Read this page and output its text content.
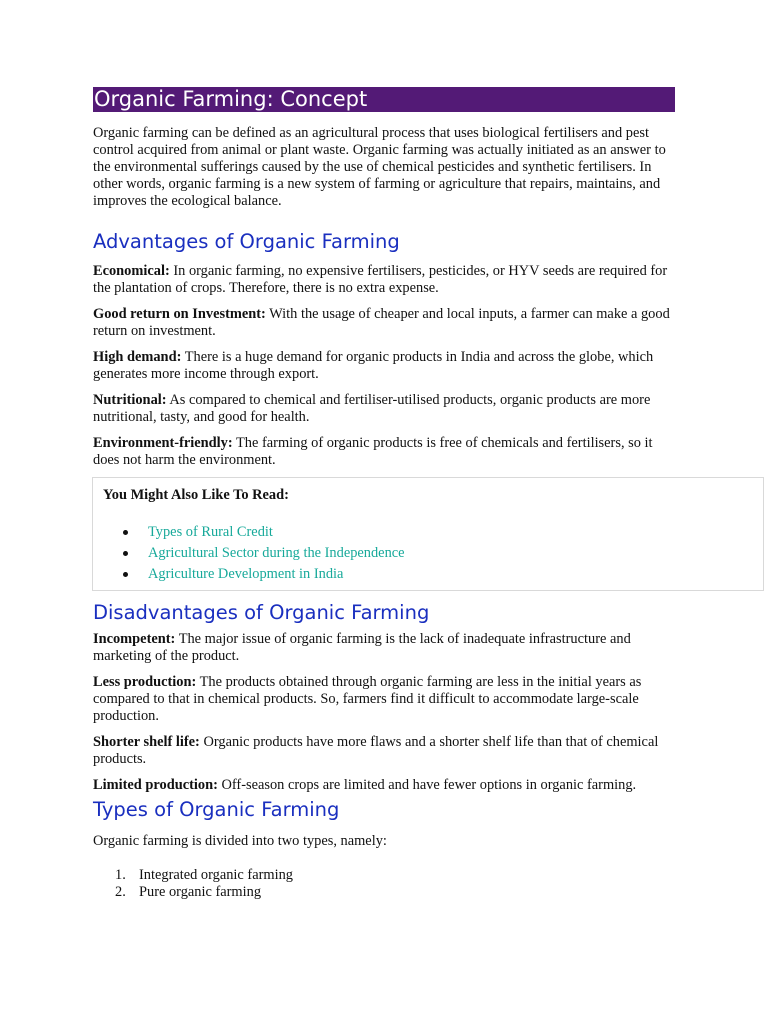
Organic Farming: Concept

Organic farming can be defined as an agricultural process that uses biological fertilisers and pest control acquired from animal or plant waste. Organic farming was actually initiated as an answer to the environmental sufferings caused by the use of chemical pesticides and synthetic fertilisers. In other words, organic farming is a new system of farming or agriculture that repairs, maintains, and improves the ecological balance.

Advantages of Organic Farming

Economical: In organic farming, no expensive fertilisers, pesticides, or HYV seeds are required for the plantation of crops. Therefore, there is no extra expense.

Good return on Investment: With the usage of cheaper and local inputs, a farmer can make a good return on investment.

High demand: There is a huge demand for organic products in India and across the globe, which generates more income through export.

Nutritional: As compared to chemical and fertiliser-utilised products, organic products are more nutritional, tasty, and good for health.

Environment-friendly: The farming of organic products is free of chemicals and fertilisers, so it does not harm the environment.

You Might Also Like To Read:
Types of Rural Credit
Agricultural Sector during the Independence
Agriculture Development in India
Disadvantages of Organic Farming

Incompetent: The major issue of organic farming is the lack of inadequate infrastructure and marketing of the product.

Less production: The products obtained through organic farming are less in the initial years as compared to that in chemical products. So, farmers find it difficult to accommodate large-scale production.

Shorter shelf life: Organic products have more flaws and a shorter shelf life than that of chemical products.

Limited production: Off-season crops are limited and have fewer options in organic farming.

Types of Organic Farming

Organic farming is divided into two types, namely:

1. Integrated organic farming
2. Pure organic farming
